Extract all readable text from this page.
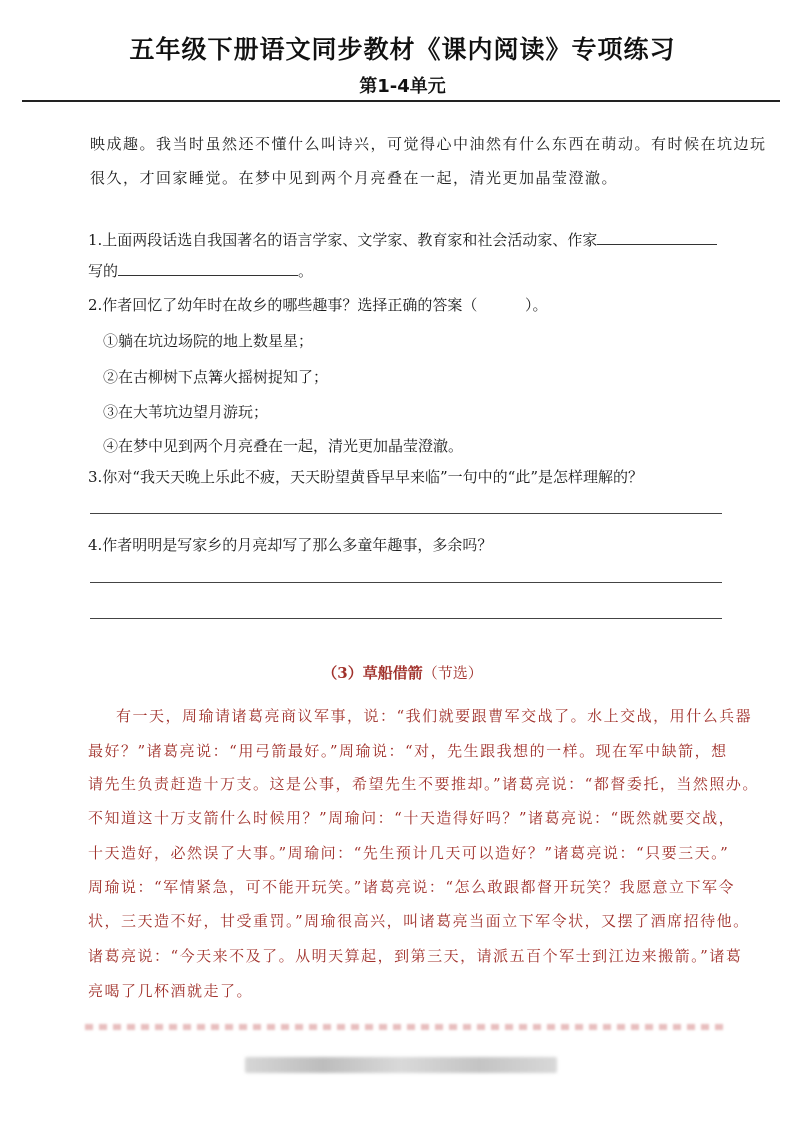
五年级下册语文同步教材《课内阅读》专项练习
第1-4单元
映成趣。我当时虽然还不懂什么叫诗兴，可觉得心中油然有什么东西在萌动。有时候在坑边玩
很久，才回家睡觉。在梦中见到两个月亮叠在一起，清光更加晶莹澄澈。
1.上面两段话选自我国著名的语言学家、文学家、教育家和社会活动家、作家
写的	。
2.作者回忆了幼年时在故乡的哪些趣事？选择正确的答案（          ）。
①躺在坑边场院的地上数星星；
②在古柳树下点篝火摇树捉知了；
③在大苇坑边望月游玩；
④在梦中见到两个月亮叠在一起，清光更加晶莹澄澈。
3.你对“我天天晚上乐此不疲，天天盼望黄昏早早来临”一句中的“此”是怎样理解的？
4.作者明明是写家乡的月亮却写了那么多童年趣事，多余吗？
（3）草船借箭（节选）
有一天，周瑜请诸葛亮商议军事，说：“我们就要跟曹军交战了。水上交战，用什么兵器
最好？”诸葛亮说：“用弓箭最好。”周瑜说：“对，先生跟我想的一样。现在军中缺箭，想
请先生负责赶造十万支。这是公事，希望先生不要推却。”诸葛亮说：“都督委托，当然照办。
不知道这十万支箭什么时候用？”周瑜问：“十天造得好吗？”诸葛亮说：“既然就要交战，
十天造好，必然误了大事。”周瑜问：“先生预计几天可以造好？”诸葛亮说：“只要三天。”
周瑜说：“军情紧急，可不能开玩笑。”诸葛亮说：“怎么敢跟都督开玩笑？我愿意立下军令
状，三天造不好，甘受重罚。”周瑜很高兴，叫诸葛亮当面立下军令状，又摆了酒席招待他。
诸葛亮说：“今天来不及了。从明天算起，到第三天，请派五百个军士到江边来搬箭。”诸葛
亮喝了几杯酒就走了。
